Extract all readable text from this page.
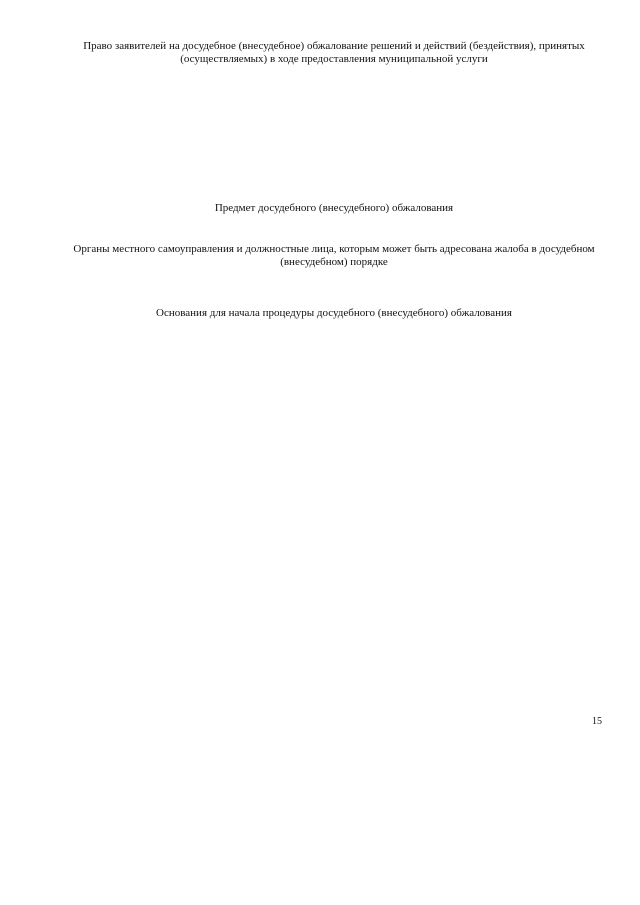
Право заявителей на досудебное (внесудебное) обжалование решений и действий (бездействия), принятых (осуществляемых) в ходе предоставления муниципальной услуги

Предмет досудебного (внесудебного) обжалования

Органы местного самоуправления и должностные лица, которым может быть адресована жалоба в досудебном (внесудебном) порядке

Основания для начала процедуры досудебного (внесудебного) обжалования

15
